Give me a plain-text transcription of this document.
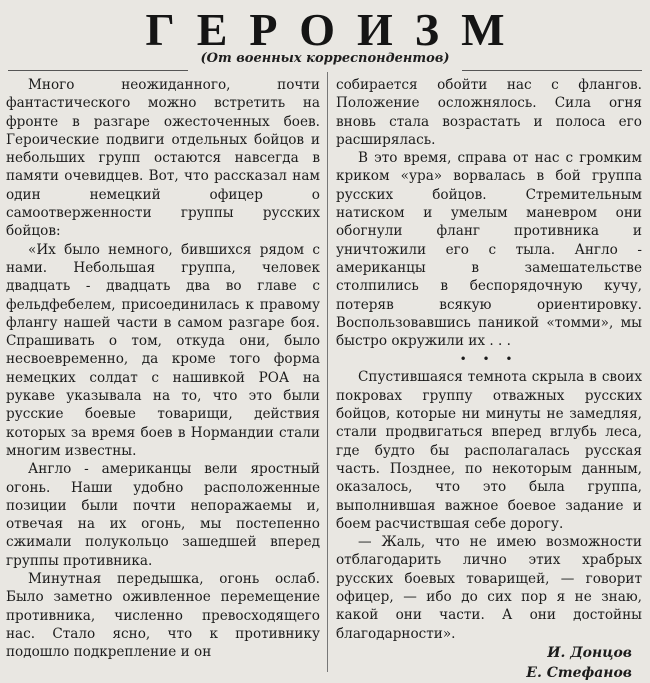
ГЕРОИЗМ
(От военных корреспондентов)

Много неожиданного, почти фантастического можно встретить на фронте в разгаре ожесточенных боев. Героические подвиги отдельных бойцов и небольших групп остаются навсегда в памяти очевидцев. Вот, что рассказал нам один немецкий офицер о самоотверженности группы русских бойцов:

«Их было немного, бившихся рядом с нами. Небольшая группа, человек двадцать - двадцать два во главе с фельдфебелем, присоединилась к правому флангу нашей части в самом разгаре боя. Спрашивать о том, откуда они, было несвоевременно, да кроме того форма немецких солдат с нашивкой РОА на рукаве указывала на то, что это были русские боевые товарищи, действия которых за время боев в Нормандии стали многим известны.

Англо - американцы вели яростный огонь. Наши удобно расположенные позиции были почти непоражаемы и, отвечая на их огонь, мы постепенно сжимали полукольцо зашедшей вперед группы противника.

Минутная передышка, огонь ослаб. Было заметно оживленное перемещение противника, численно превосходящего нас. Стало ясно, что к противнику подошло подкрепление и он

собирается обойти нас с флангов. Положение осложнялось. Сила огня вновь стала возрастать и полоса его расширялась.

В это время, справа от нас с громким криком «ура» ворвалась в бой группа русских бойцов. Стремительным натиском и умелым маневром они обогнули фланг противника и уничтожили его с тыла. Англо - американцы в замешательстве столпились в беспорядочную кучу, потеряв всякую ориентировку. Воспользовавшись паникой «томми», мы быстро окружили их . . .

• • •

Спустившаяся темнота скрыла в своих покровах группу отважных русских бойцов, которые ни минуты не замедляя, стали продвигаться вперед вглубь леса, где будто бы располагалась русская часть. Позднее, по некоторым данным, оказалось, что это была группа, выполнившая важное боевое задание и боем расчиствшая себе дорогу.

— Жаль, что не имею возможности отблагодарить лично этих храбрых русских боевых товарищей, — говорит офицер, — ибо до сих пор я не знаю, какой они части. А они достойны благодарности».

И. Донцов
Е. Стефанов
